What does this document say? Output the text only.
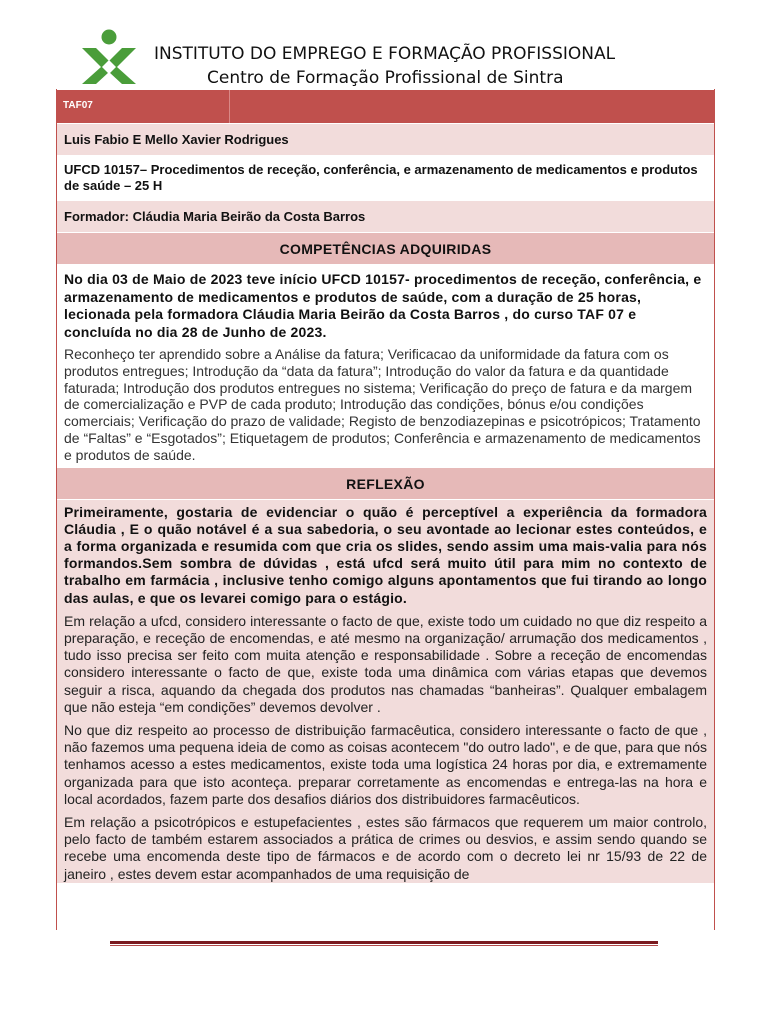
INSTITUTO DO EMPREGO E FORMAÇÃO PROFISSIONAL
Centro de Formação Profissional de Sintra
TAF07
Luis Fabio E Mello Xavier Rodrigues
UFCD 10157– Procedimentos de receção, conferência, e armazenamento de medicamentos e produtos de saúde – 25 H
Formador: Cláudia Maria Beirão da Costa Barros
COMPETÊNCIAS ADQUIRIDAS
No dia 03 de Maio de 2023 teve início UFCD 10157- procedimentos de receção, conferência, e armazenamento de medicamentos e produtos de saúde, com a duração de 25 horas, lecionada pela formadora Cláudia Maria Beirão da Costa Barros , do curso TAF 07 e concluída no dia 28 de Junho de 2023.
Reconheço ter aprendido sobre a Análise da fatura; Verificacao da uniformidade da fatura com os produtos entregues; Introdução da “data da fatura”; Introdução do valor da fatura e da quantidade faturada; Introdução dos produtos entregues no sistema; Verificação do preço de fatura e da margem de comercialização e PVP de cada produto; Introdução das condições, bónus e/ou condições comerciais; Verificação do prazo de validade; Registo de benzodiazepinas e psicotrópicos; Tratamento de “Faltas” e “Esgotados”; Etiquetagem de produtos; Conferência e armazenamento de medicamentos e produtos de saúde.
REFLEXÃO

Primeiramente, gostaria de evidenciar o quão é perceptível a experiência da formadora Cláudia , E o quão notável é a sua sabedoria, o seu avontade ao lecionar estes conteúdos, e a forma organizada e resumida com que cria os slides, sendo assim uma mais-valia para nós formandos.Sem sombra de dúvidas , está ufcd será muito útil para mim no contexto de trabalho em farmácia , inclusive tenho comigo alguns apontamentos que fui tirando ao longo das aulas, e que os levarei comigo para o estágio.

Em relação a ufcd, considero interessante o facto de que, existe todo um cuidado no que diz respeito a preparação, e receção de encomendas, e até mesmo na organização/ arrumação dos medicamentos , tudo isso precisa ser feito com muita atenção e responsabilidade . Sobre a receção de encomendas considero interessante o facto de que, existe toda uma dinâmica com várias etapas que devemos seguir a risca, aquando da chegada dos produtos nas chamadas “banheiras”. Qualquer embalagem que não esteja “em condições” devemos devolver .

No que diz respeito ao processo de distribuição farmacêutica, considero interessante o facto de que , não fazemos uma pequena ideia de como as coisas acontecem "do outro lado", e de que, para que nós tenhamos acesso a estes medicamentos, existe toda uma logística 24 horas por dia, e extremamente organizada para que isto aconteça. preparar corretamente as encomendas e entrega-las na hora e local acordados, fazem parte dos desafios diários dos distribuidores farmacêuticos.

Em relação a psicotrópicos e estupefacientes , estes são fármacos que requerem um maior controlo, pelo facto de também estarem associados a prática de crimes ou desvios, e assim sendo quando se recebe uma encomenda deste tipo de fármacos e de acordo com o decreto lei nr 15/93 de 22 de janeiro , estes devem estar acompanhados de uma requisição de
